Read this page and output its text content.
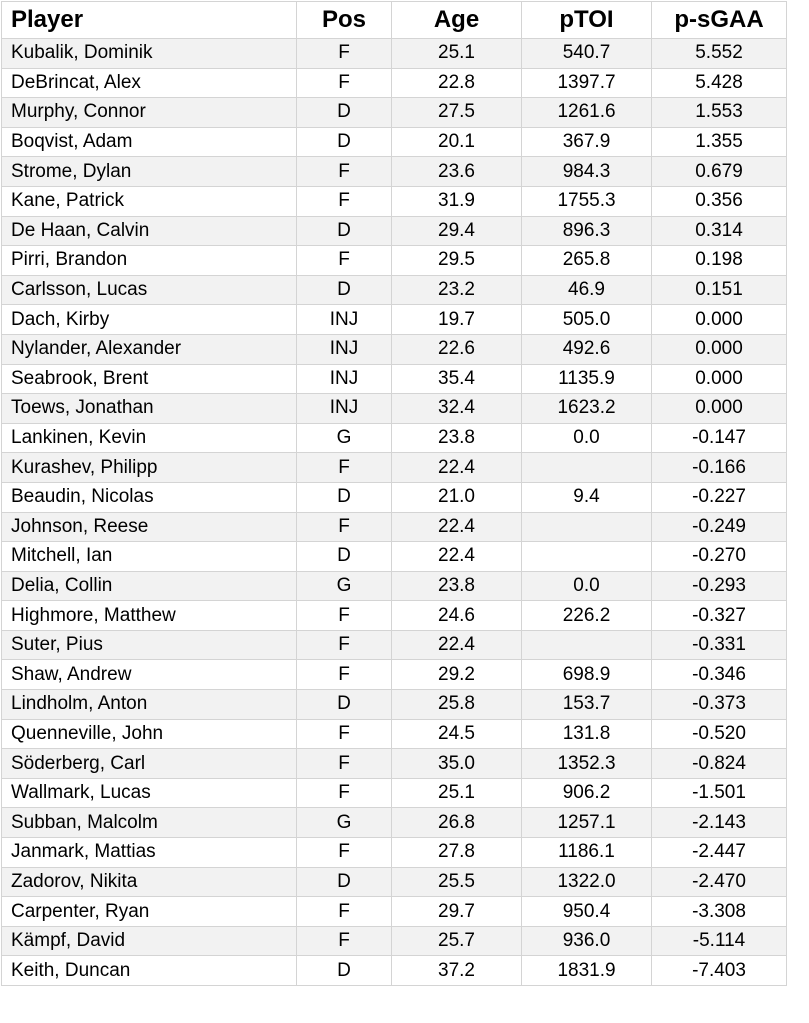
Player	Pos	Age	pTOI	p-sGAA
Kubalik, Dominik	F	25.1	540.7	5.552
DeBrincat, Alex	F	22.8	1397.7	5.428
Murphy, Connor	D	27.5	1261.6	1.553
Boqvist, Adam	D	20.1	367.9	1.355
Strome, Dylan	F	23.6	984.3	0.679
Kane, Patrick	F	31.9	1755.3	0.356
De Haan, Calvin	D	29.4	896.3	0.314
Pirri, Brandon	F	29.5	265.8	0.198
Carlsson, Lucas	D	23.2	46.9	0.151
Dach, Kirby	INJ	19.7	505.0	0.000
Nylander, Alexander	INJ	22.6	492.6	0.000
Seabrook, Brent	INJ	35.4	1135.9	0.000
Toews, Jonathan	INJ	32.4	1623.2	0.000
Lankinen, Kevin	G	23.8	0.0	-0.147
Kurashev, Philipp	F	22.4		-0.166
Beaudin, Nicolas	D	21.0	9.4	-0.227
Johnson, Reese	F	22.4		-0.249
Mitchell, Ian	D	22.4		-0.270
Delia, Collin	G	23.8	0.0	-0.293
Highmore, Matthew	F	24.6	226.2	-0.327
Suter, Pius	F	22.4		-0.331
Shaw, Andrew	F	29.2	698.9	-0.346
Lindholm, Anton	D	25.8	153.7	-0.373
Quenneville, John	F	24.5	131.8	-0.520
Söderberg, Carl	F	35.0	1352.3	-0.824
Wallmark, Lucas	F	25.1	906.2	-1.501
Subban, Malcolm	G	26.8	1257.1	-2.143
Janmark, Mattias	F	27.8	1186.1	-2.447
Zadorov, Nikita	D	25.5	1322.0	-2.470
Carpenter, Ryan	F	29.7	950.4	-3.308
Kämpf, David	F	25.7	936.0	-5.114
Keith, Duncan	D	37.2	1831.9	-7.403
